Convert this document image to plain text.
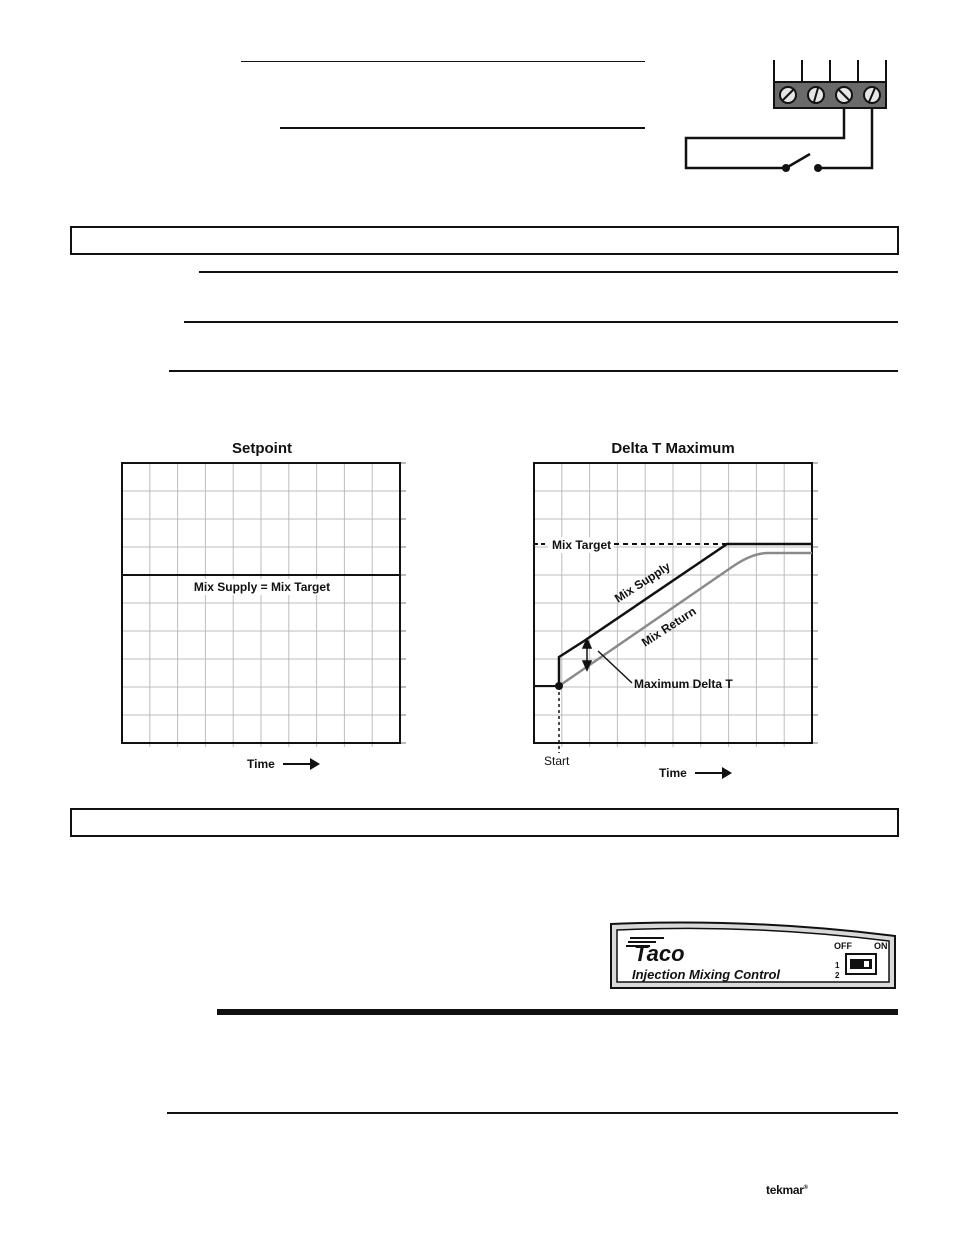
Setpoint
Mix Supply = Mix Target
Time
Delta T Maximum
Mix Target
Maximum Delta T
Mix Supply
Mix Return
Start
Time
Taco
Injection Mixing Control
OFF ON
1
2
tekmar®
